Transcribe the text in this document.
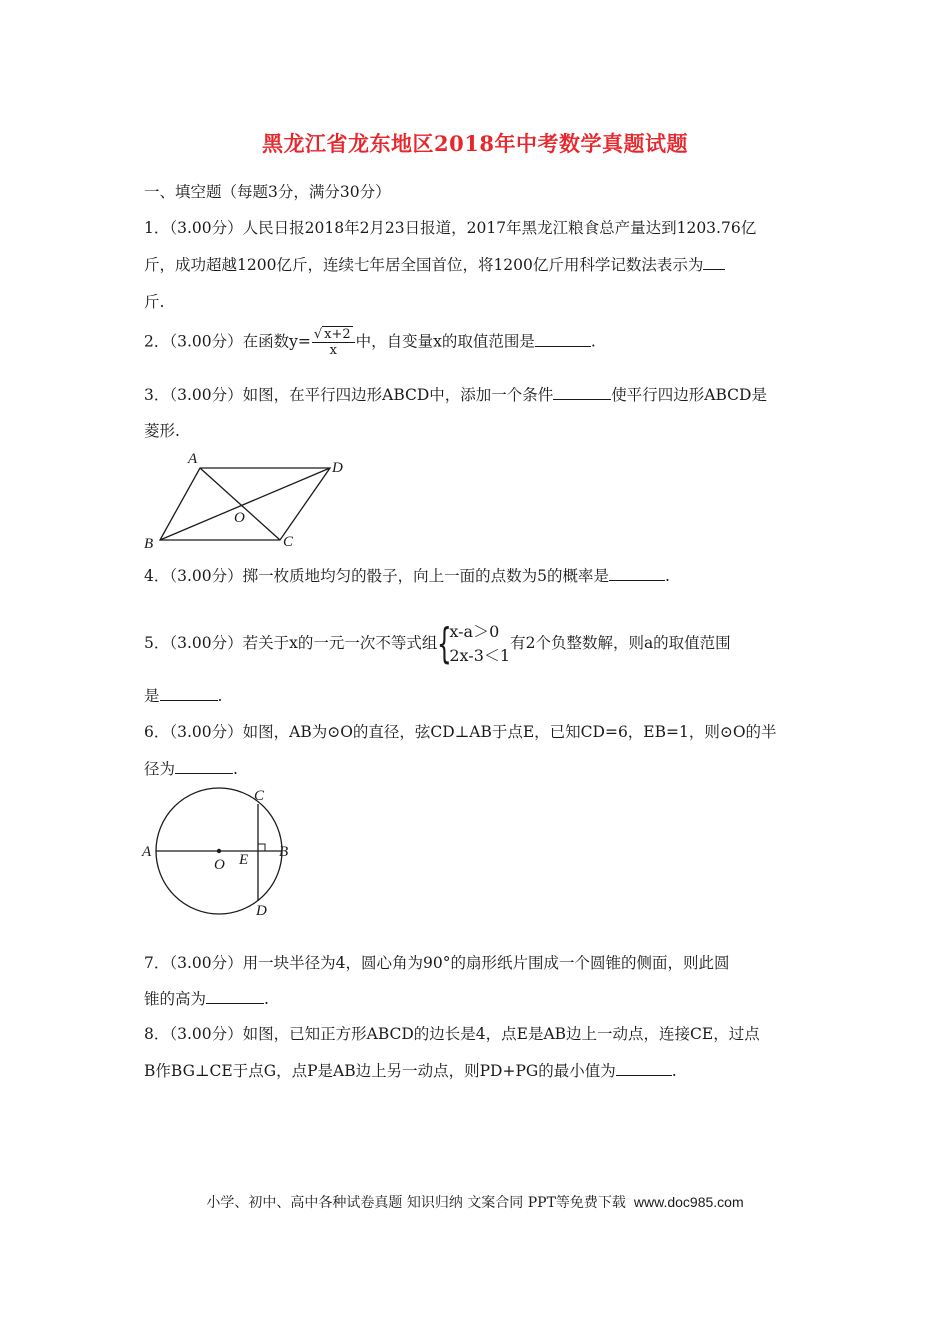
黑龙江省龙东地区2018年中考数学真题试题
一、填空题（每题3分，满分30分）
1．（3.00分）人民日报2018年2月23日报道，2017年黑龙江粮食总产量达到1203.76亿
斤，成功超越1200亿斤，连续七年居全国首位，将1200亿斤用科学记数法表示为
斤.
2．（3.00分）在函数$y= \frac{√ x+2}{x}$ 中，自变量x的取值范围是	.
3．（3.00分）如图，在平行四边形ABCD中，添加一个条件	使平行四边形ABCD是
菱形.
A
D
O
B	C
4．（3.00分）掷一枚质地均匀的骰子，向上一面的点数为5的概率是	.
5．（3.00分）若关于x的一元一次不等式组 {
x-a＞0
2x-3＜1
有2个负整数解，则a的取值范围
是	.
6．（3.00分）如图，AB为⊙O的直径，弦CD⊥AB于点E，已知CD=6，EB=1，则⊙O的半
径为	.
A	B
C
D
E
O
7．（3.00分）用一块半径为4，圆心角为90°的扇形纸片围成一个圆锥的侧面，则此圆
锥的高为	.
8．（3.00分）如图，已知正方形ABCD的边长是4，点E是AB边上一动点，连接CE，过点
B作BG⊥CE于点G，点P是AB边上另一动点，则PD+PG的最小值为	.
小学、初中、高中各种试卷真题 知识归纳 文案合同 PPT等免费下载 www.doc985.com
